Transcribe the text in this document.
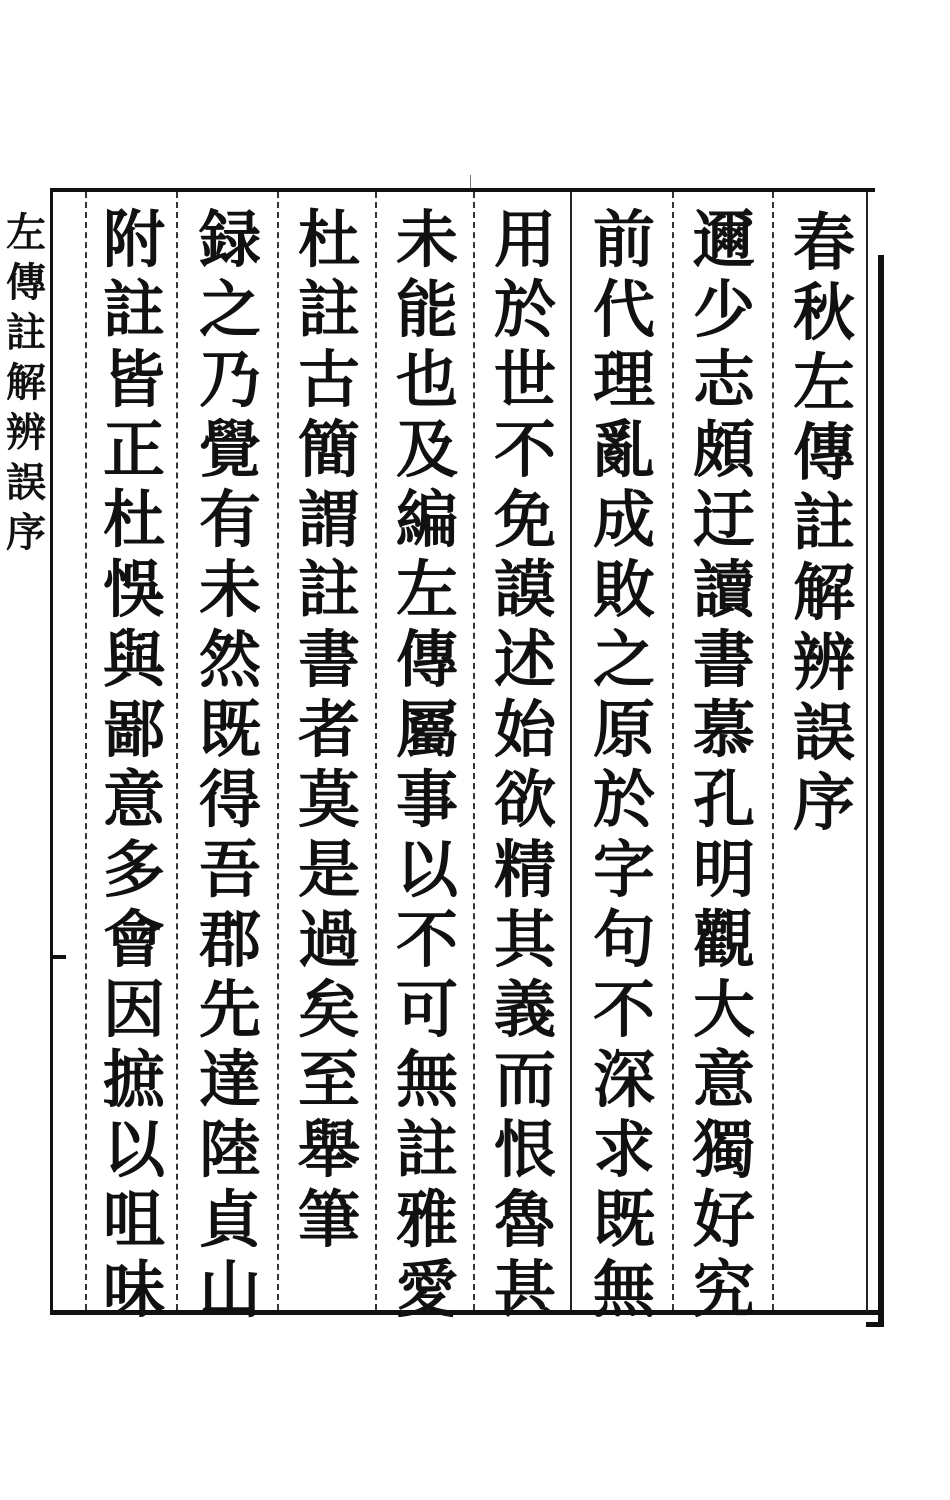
春
秋
左
傳
註
解
辨
誤
序
邇
少
志
頗
迂
讀
書
慕
孔
明
觀
大
意
獨
好
究
前
代
理
亂
成
敗
之
原
於
字
句
不
深
求
既
無
用
於
世
不
免
謨
述
始
欲
精
其
義
而
恨
魯
甚
未
能
也
及
編
左
傳
屬
事
以
不
可
無
註
雅
愛
杜
註
古
簡
謂
註
書
者
莫
是
過
矣
至
舉
筆
録
之
乃
覺
有
未
然
既
得
吾
郡
先
達
陸
貞
山
附
註
皆
正
杜
悞
與
鄙
意
多
會
因
摭
以
咀
味
左
傳
註
解
辨
誤
序
